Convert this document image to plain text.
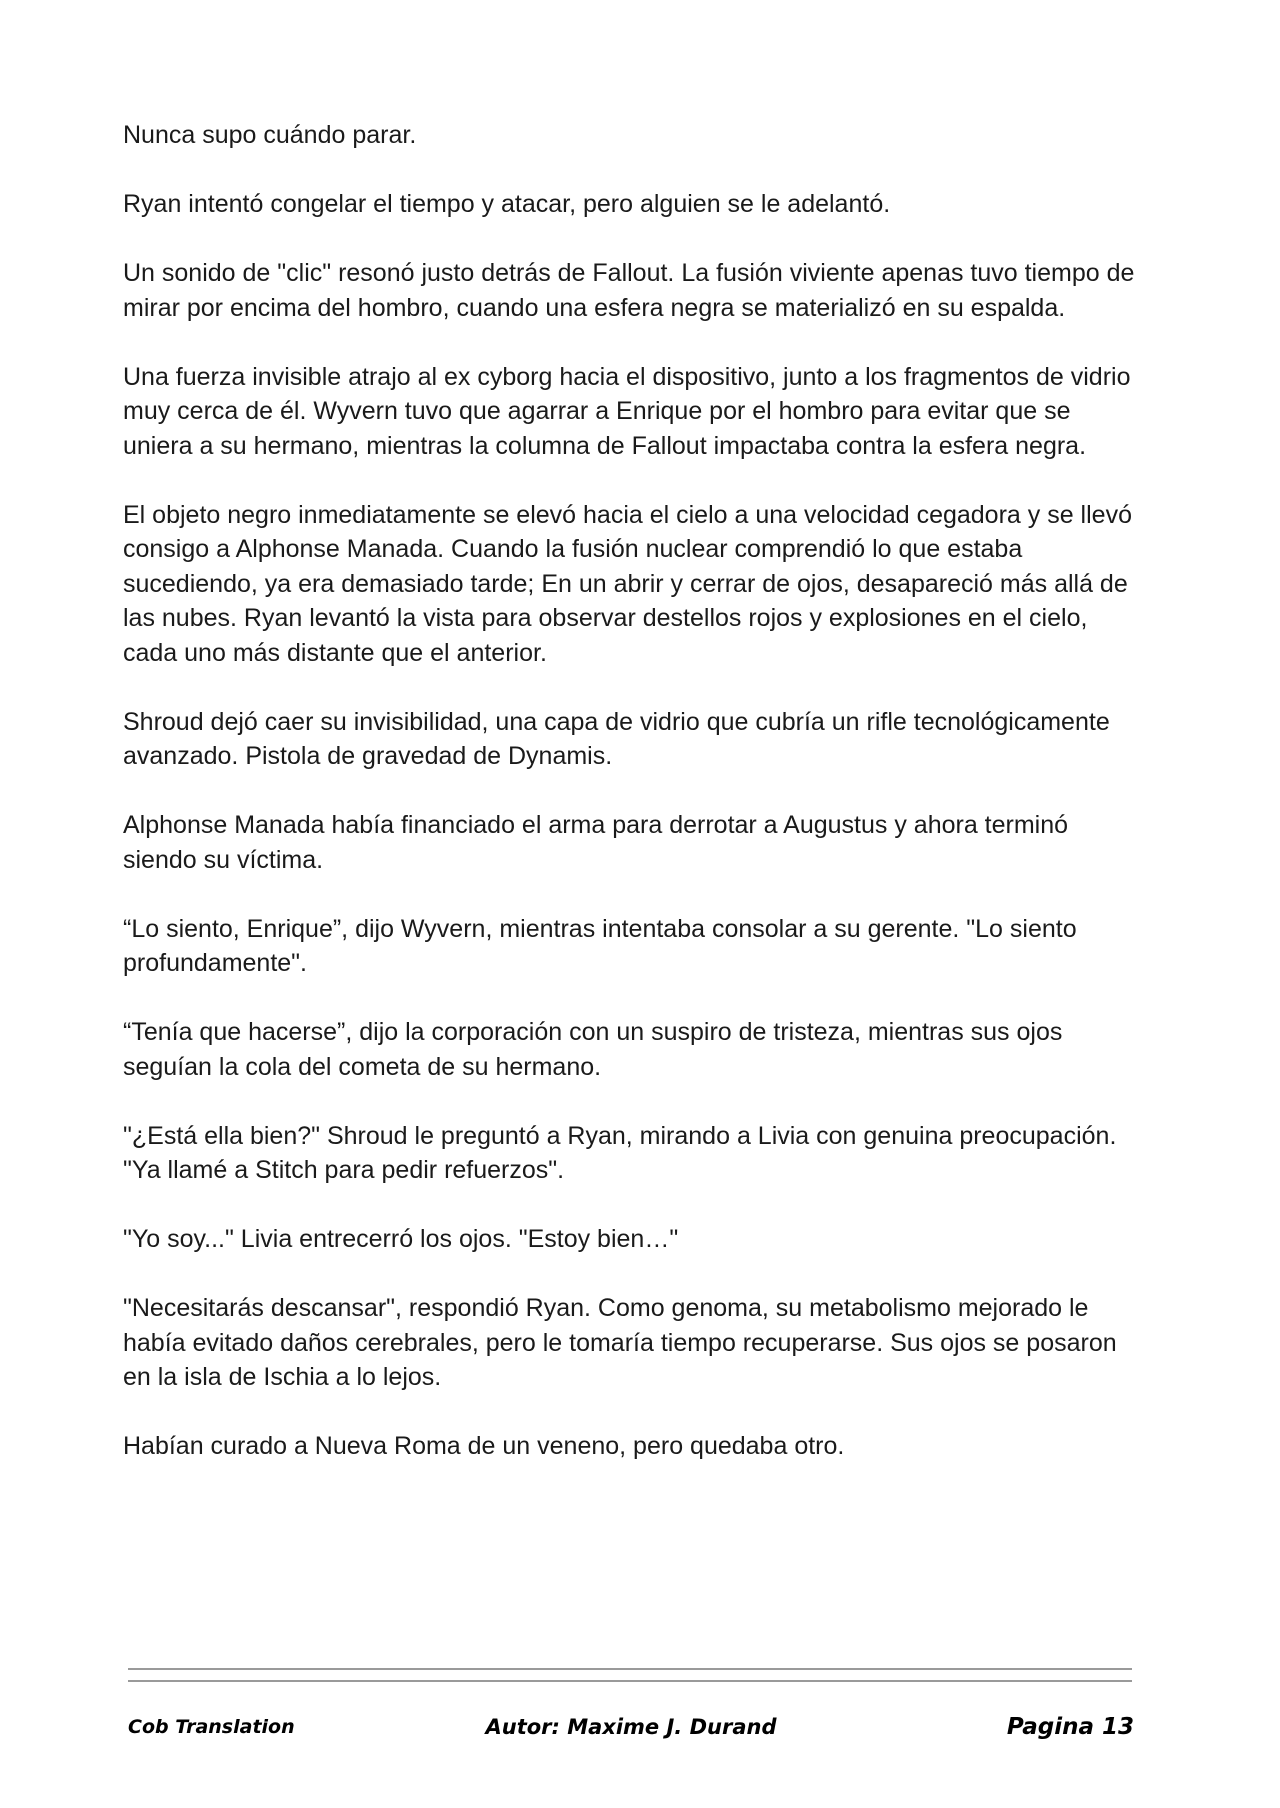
Nunca supo cuándo parar.

Ryan intentó congelar el tiempo y atacar, pero alguien se le adelantó.

Un sonido de "clic" resonó justo detrás de Fallout. La fusión viviente apenas tuvo tiempo de mirar por encima del hombro, cuando una esfera negra se materializó en su espalda.

Una fuerza invisible atrajo al ex cyborg hacia el dispositivo, junto a los fragmentos de vidrio muy cerca de él. Wyvern tuvo que agarrar a Enrique por el hombro para evitar que se uniera a su hermano, mientras la columna de Fallout impactaba contra la esfera negra.

El objeto negro inmediatamente se elevó hacia el cielo a una velocidad cegadora y se llevó consigo a Alphonse Manada. Cuando la fusión nuclear comprendió lo que estaba sucediendo, ya era demasiado tarde; En un abrir y cerrar de ojos, desapareció más allá de las nubes. Ryan levantó la vista para observar destellos rojos y explosiones en el cielo, cada uno más distante que el anterior.

Shroud dejó caer su invisibilidad, una capa de vidrio que cubría un rifle tecnológicamente avanzado. Pistola de gravedad de Dynamis.

Alphonse Manada había financiado el arma para derrotar a Augustus y ahora terminó siendo su víctima.

“Lo siento, Enrique”, dijo Wyvern, mientras intentaba consolar a su gerente. "Lo siento profundamente".

“Tenía que hacerse”, dijo la corporación con un suspiro de tristeza, mientras sus ojos seguían la cola del cometa de su hermano.

"¿Está ella bien?" Shroud le preguntó a Ryan, mirando a Livia con genuina preocupación. "Ya llamé a Stitch para pedir refuerzos".

"Yo soy..." Livia entrecerró los ojos. "Estoy bien…"

"Necesitarás descansar", respondió Ryan. Como genoma, su metabolismo mejorado le había evitado daños cerebrales, pero le tomaría tiempo recuperarse. Sus ojos se posaron en la isla de Ischia a lo lejos.

Habían curado a Nueva Roma de un veneno, pero quedaba otro.

Cob Translation	Autor: Maxime J. Durand	Pagina 13
